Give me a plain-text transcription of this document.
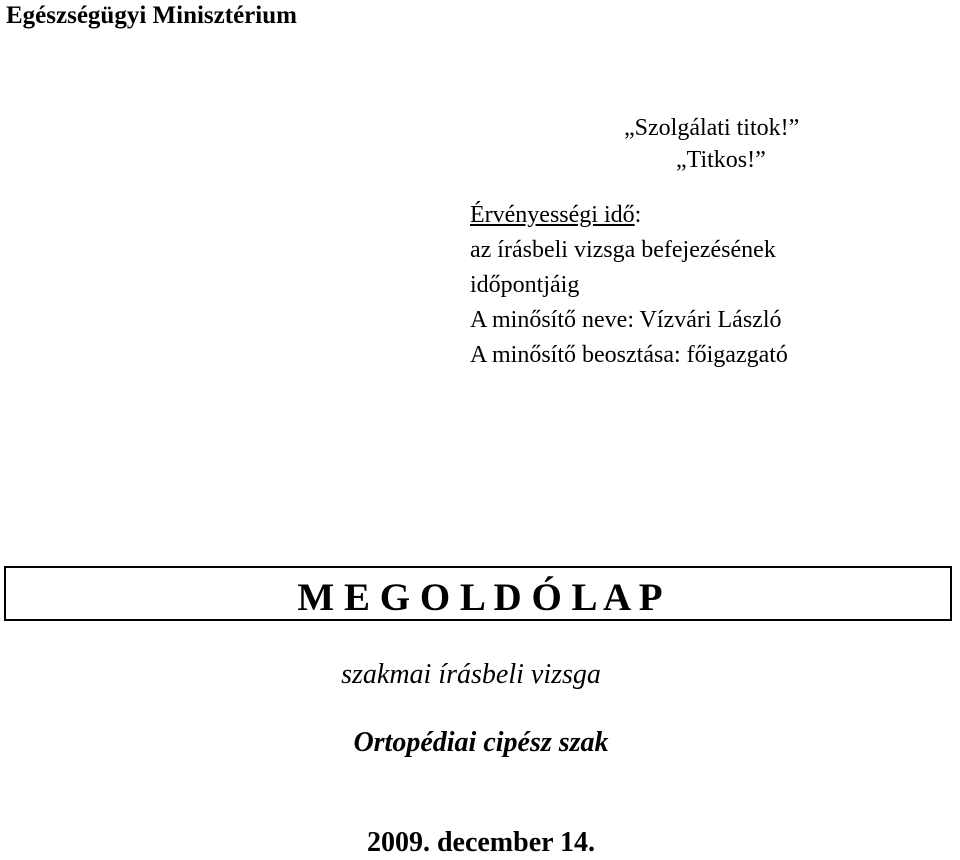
Egészségügyi Minisztérium
„Szolgálati titok!”
„Titkos!”
Érvényességi idő:
az írásbeli vizsga befejezésének
időpontjáig
A minősítő neve: Vízvári László
A minősítő beosztása: főigazgató
M E G O L D Ó L A P
szakmai írásbeli vizsga
Ortopédiai cipész szak
2009. december 14.
